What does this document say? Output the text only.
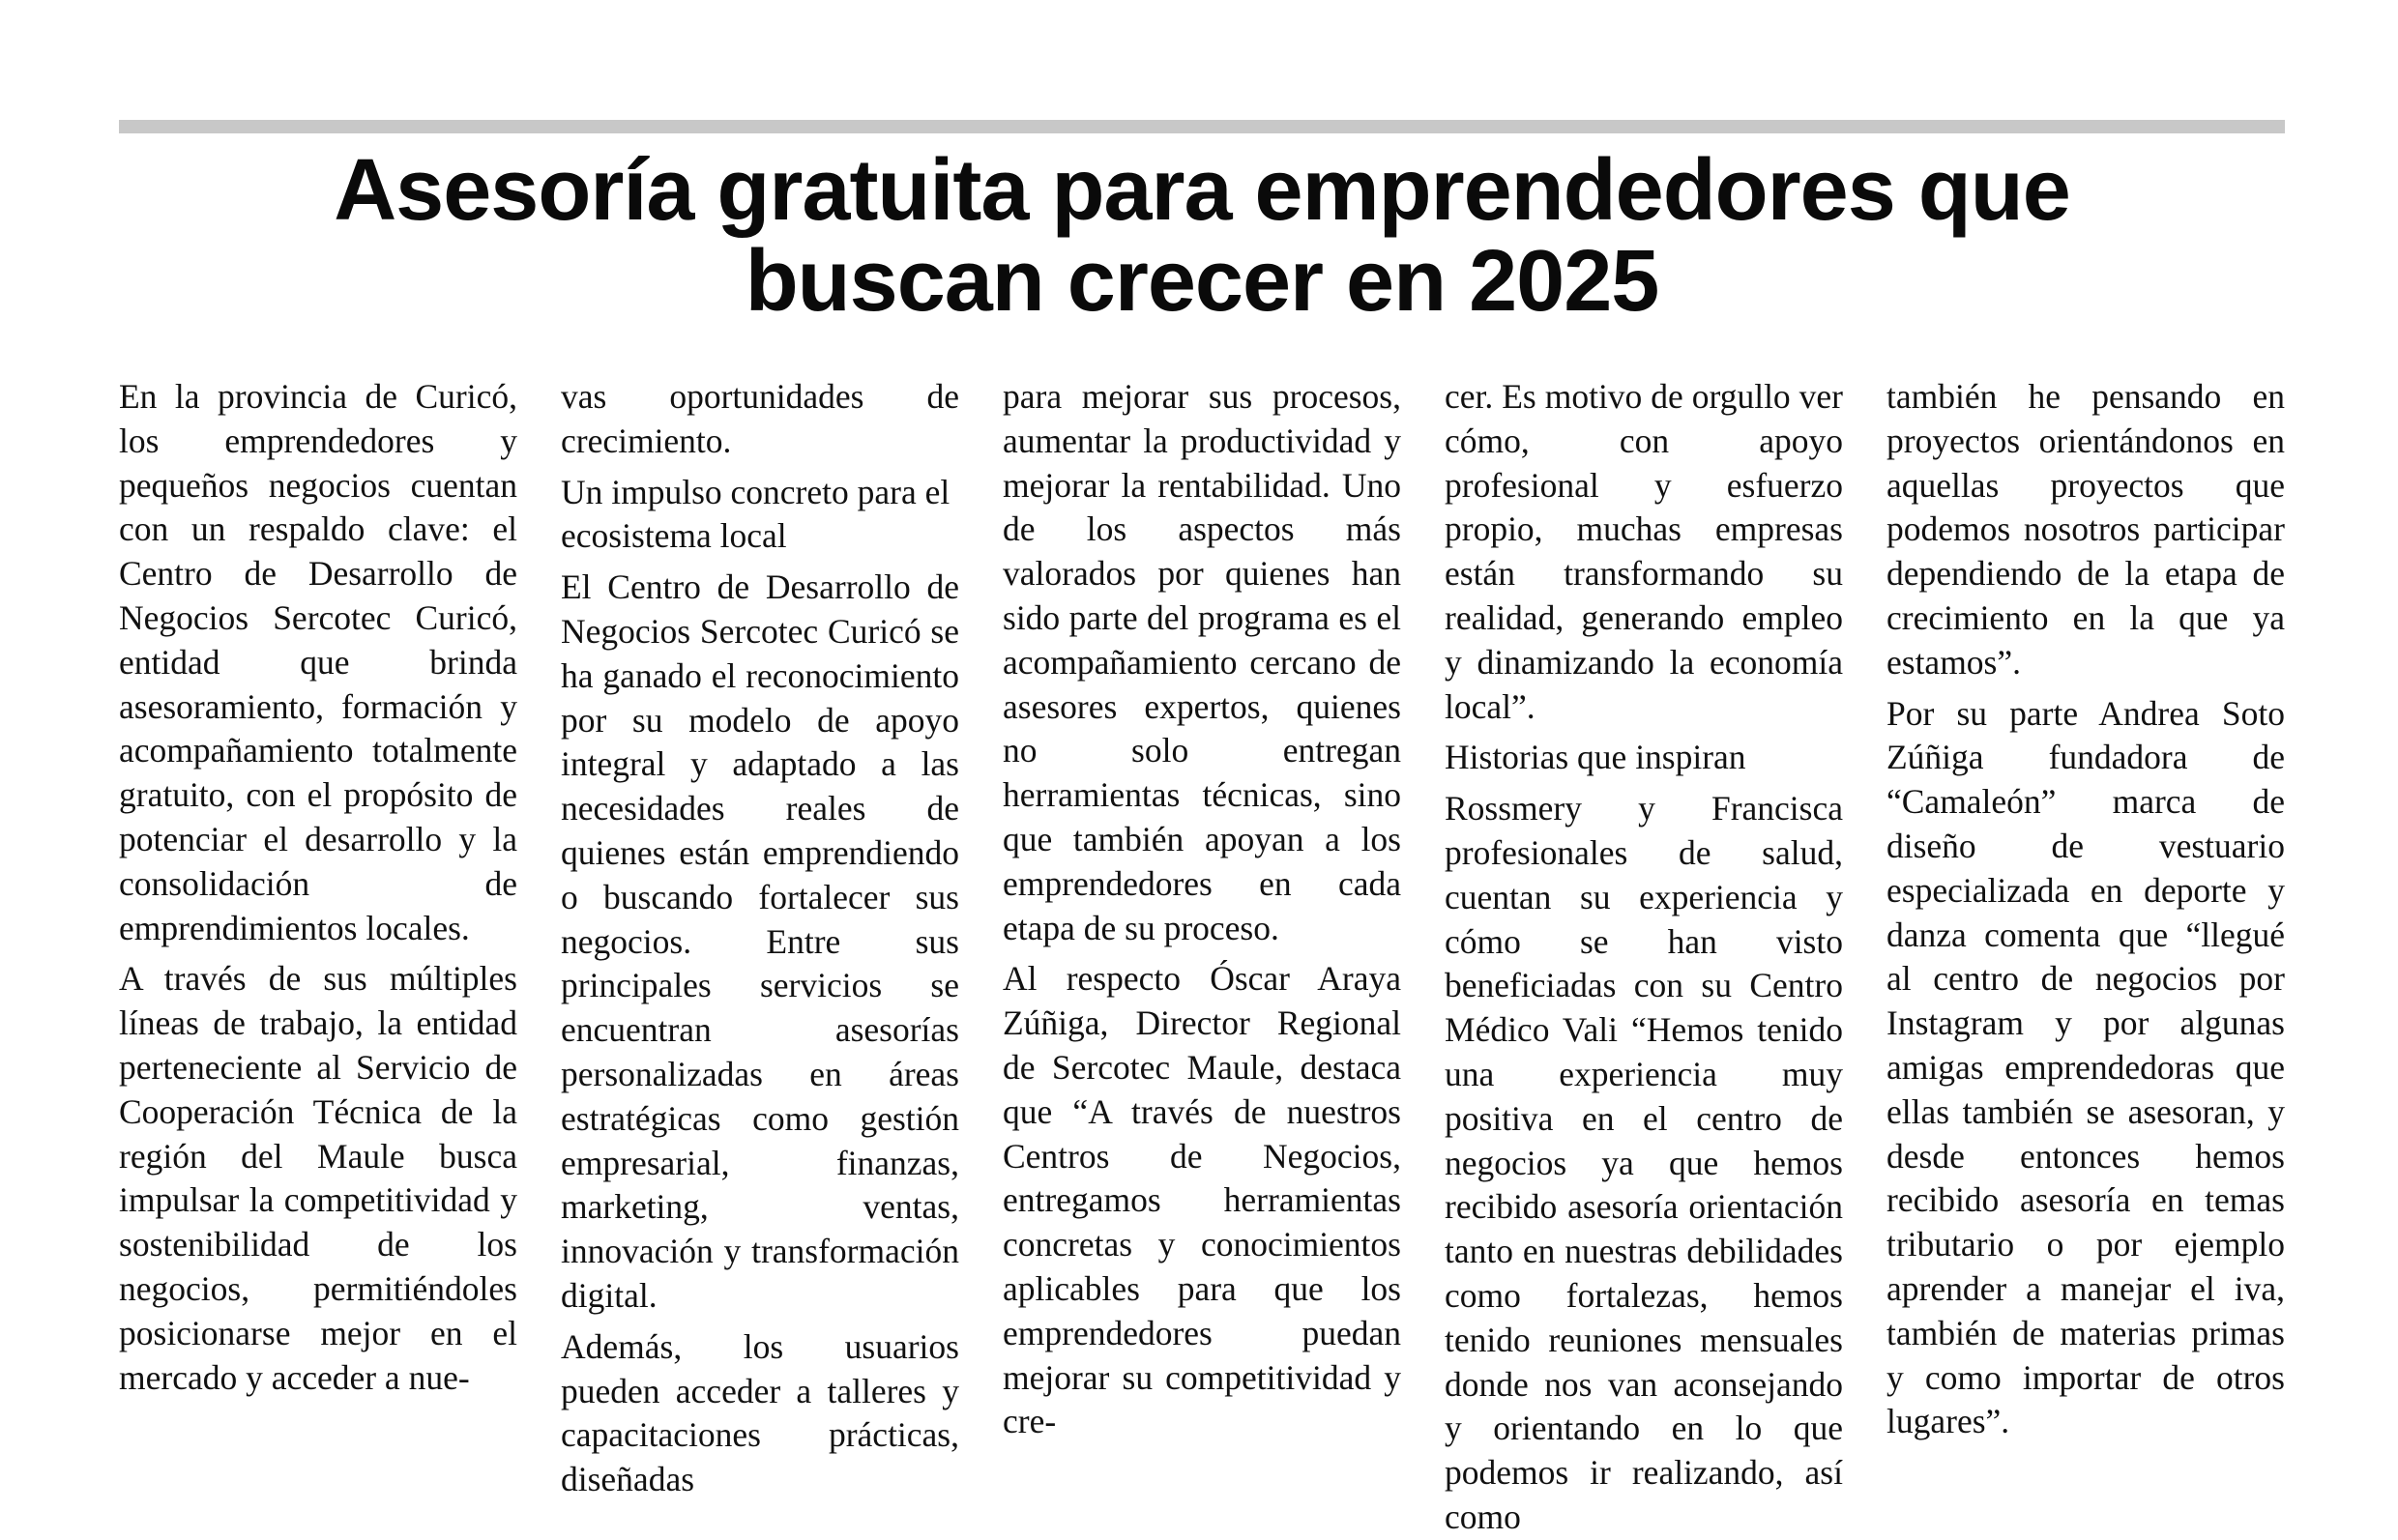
Asesoría gratuita para emprendedores que
buscan crecer en 2025

En la provincia de Curicó, los emprendedores y pequeños negocios cuentan con un respaldo clave: el Centro de Desarrollo de Negocios Sercotec Curicó, entidad que brinda asesoramiento, formación y acompañamiento totalmente gratuito, con el propósito de potenciar el desarrollo y la consolidación de emprendimientos locales.

A través de sus múltiples líneas de trabajo, la entidad perteneciente al Servicio de Cooperación Técnica de la región del Maule busca impulsar la competitividad y sostenibilidad de los negocios, permitiéndoles posicionarse mejor en el mercado y acceder a nue-

vas oportunidades de crecimiento.

Un impulso concreto para el ecosistema local

El Centro de Desarrollo de Negocios Sercotec Curicó se ha ganado el reconocimiento por su modelo de apoyo integral y adaptado a las necesidades reales de quienes están emprendiendo o buscando fortalecer sus negocios. Entre sus principales servicios se encuentran asesorías personalizadas en áreas estratégicas como gestión empresarial, finanzas, marketing, ventas, innovación y transformación digital.

Además, los usuarios pueden acceder a talleres y capacitaciones prácticas, diseñadas

para mejorar sus procesos, aumentar la productividad y mejorar la rentabilidad. Uno de los aspectos más valorados por quienes han sido parte del programa es el acompañamiento cercano de asesores expertos, quienes no solo entregan herramientas técnicas, sino que también apoyan a los emprendedores en cada etapa de su proceso.

Al respecto Óscar Araya Zúñiga, Director Regional de Sercotec Maule, destaca que “A través de nuestros Centros de Negocios, entregamos herramientas concretas y conocimientos aplicables para que los emprendedores puedan mejorar su competitividad y cre-

cer. Es motivo de orgullo ver cómo, con apoyo profesional y esfuerzo propio, muchas empresas están transformando su realidad, generando empleo y dinamizando la economía local”.

Historias que inspiran

Rossmery y Francisca profesionales de salud, cuentan su experiencia y cómo se han visto beneficiadas con su Centro Médico Vali “Hemos tenido una experiencia muy positiva en el centro de negocios ya que hemos recibido asesoría orientación tanto en nuestras debilidades como fortalezas, hemos tenido reuniones mensuales donde nos van aconsejando y orientando en lo que podemos ir realizando, así como

también he pensando en proyectos orientándonos en aquellas proyectos que podemos nosotros participar dependiendo de la etapa de crecimiento en la que ya estamos”.

Por su parte Andrea Soto Zúñiga fundadora de “Camaleón” marca de diseño de vestuario especializada en deporte y danza comenta que “llegué al centro de negocios por Instagram y por algunas amigas emprendedoras que ellas también se asesoran, y desde entonces hemos recibido asesoría en temas tributario o por ejemplo aprender a manejar el iva, también de materias primas y como importar de otros lugares”.
